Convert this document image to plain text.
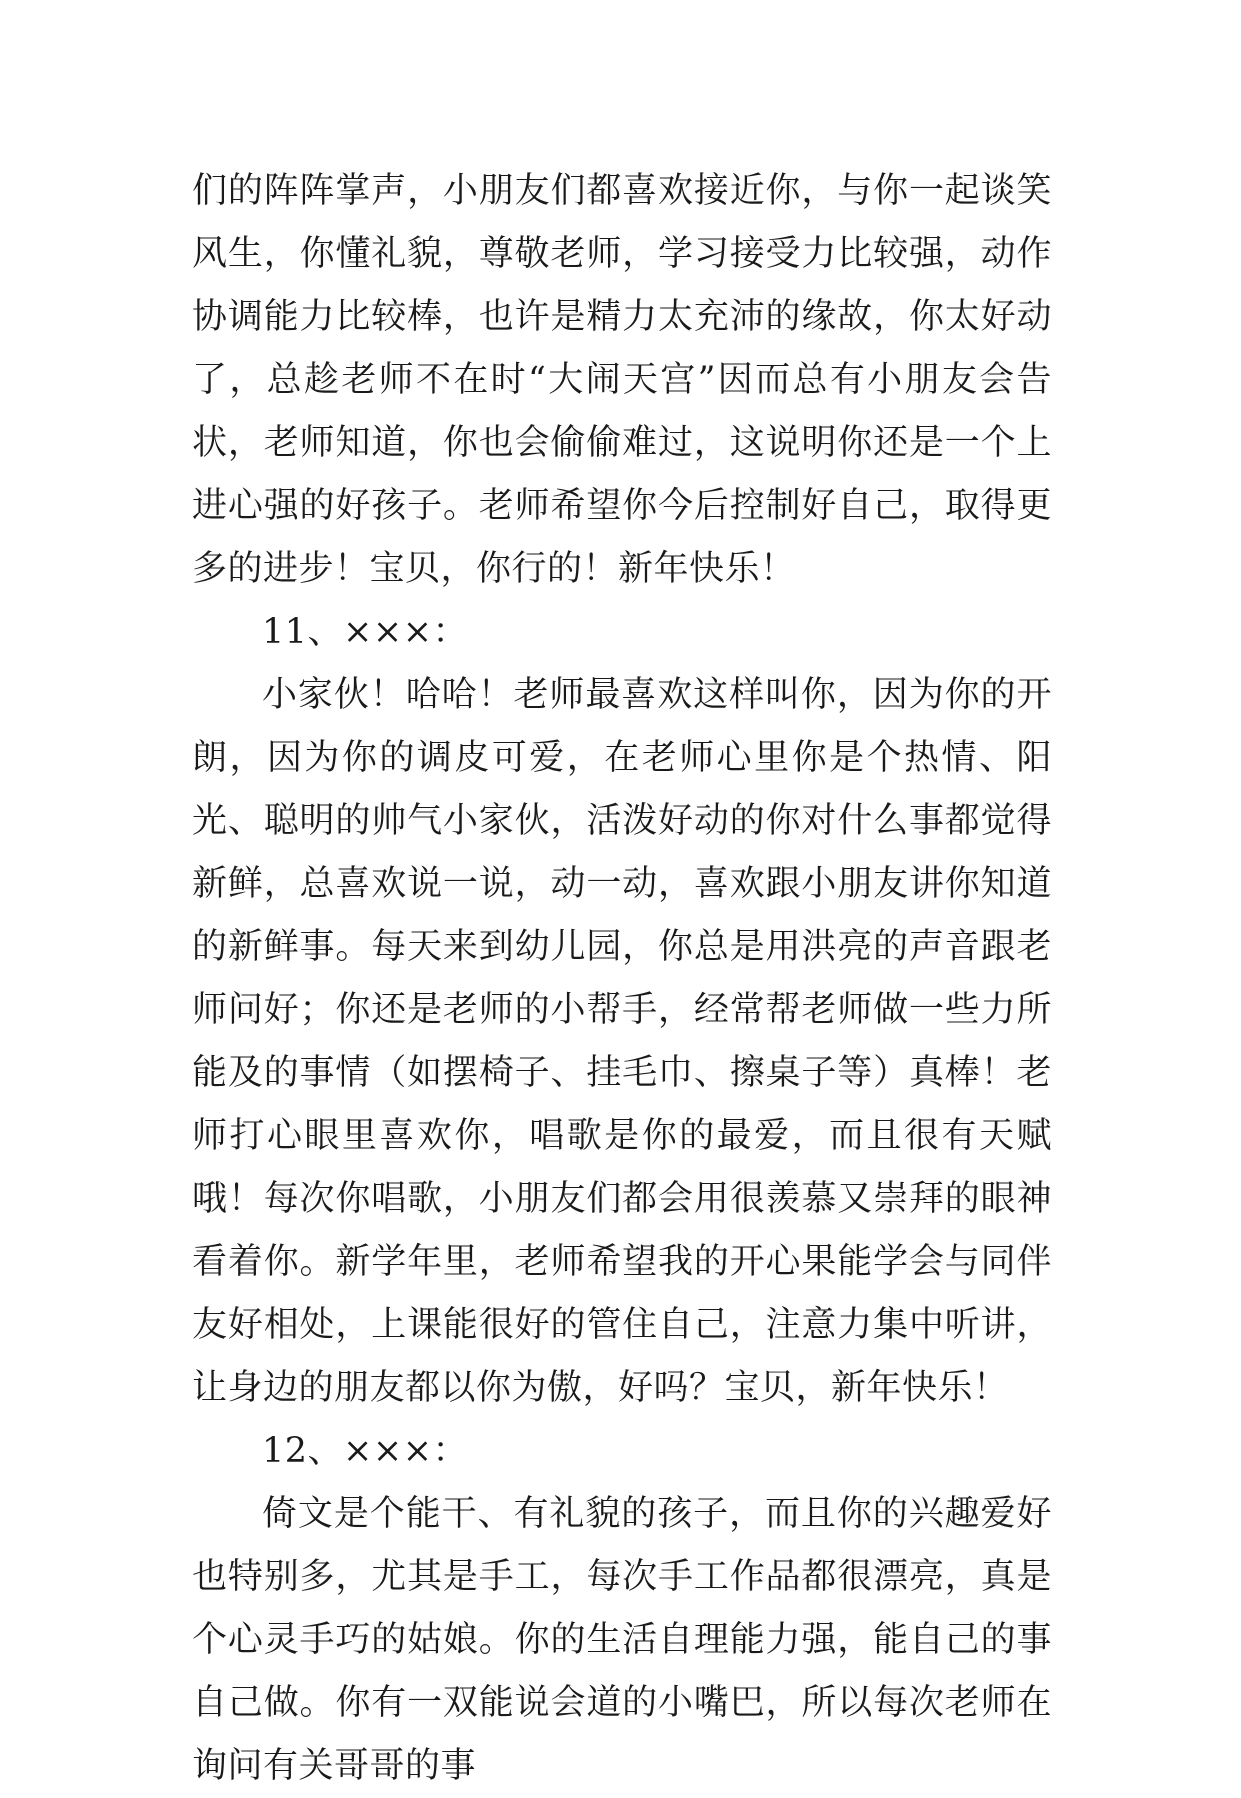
们的阵阵掌声，小朋友们都喜欢接近你，与你一起谈笑风生，你懂礼貌，尊敬老师，学习接受力比较强，动作协调能力比较棒，也许是精力太充沛的缘故，你太好动了，总趁老师不在时“大闹天宫”因而总有小朋友会告状，老师知道，你也会偷偷难过，这说明你还是一个上进心强的好孩子。老师希望你今后控制好自己，取得更多的进步！宝贝，你行的！新年快乐！

11、×××：

小家伙！哈哈！老师最喜欢这样叫你，因为你的开朗，因为你的调皮可爱，在老师心里你是个热情、阳光、聪明的帅气小家伙，活泼好动的你对什么事都觉得新鲜，总喜欢说一说，动一动，喜欢跟小朋友讲你知道的新鲜事。每天来到幼儿园，你总是用洪亮的声音跟老师问好；你还是老师的小帮手，经常帮老师做一些力所能及的事情（如摆椅子、挂毛巾、擦桌子等）真棒！老师打心眼里喜欢你，唱歌是你的最爱，而且很有天赋哦！每次你唱歌，小朋友们都会用很羡慕又崇拜的眼神看着你。新学年里，老师希望我的开心果能学会与同伴友好相处，上课能很好的管住自己，注意力集中听讲，让身边的朋友都以你为傲，好吗？宝贝，新年快乐！

12、×××：

倚文是个能干、有礼貌的孩子，而且你的兴趣爱好也特别多，尤其是手工，每次手工作品都很漂亮，真是个心灵手巧的姑娘。你的生活自理能力强，能自己的事自己做。你有一双能说会道的小嘴巴，所以每次老师在询问有关哥哥的事
